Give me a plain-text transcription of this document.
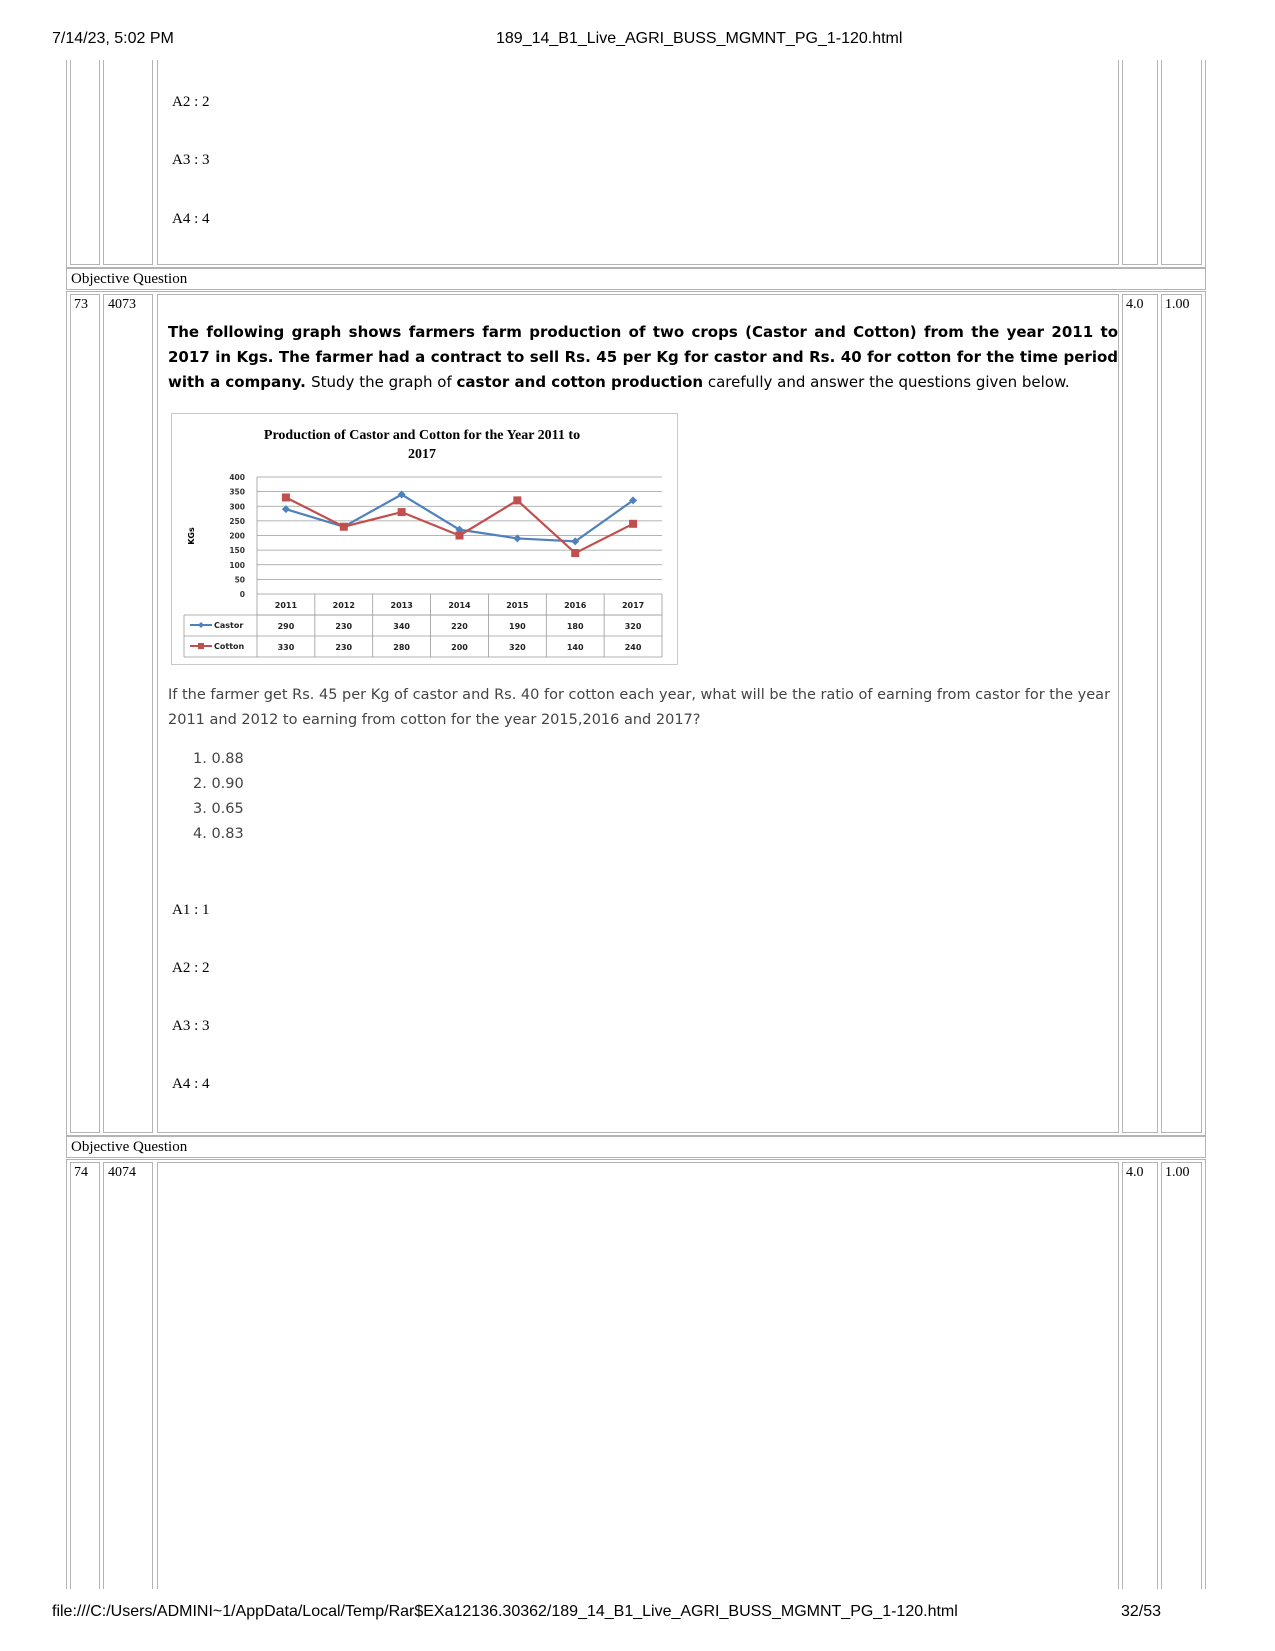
7/14/23, 5:02 PM	189_14_B1_Live_AGRI_BUSS_MGMNT_PG_1-120.html
file:///C:/Users/ADMINI~1/AppData/Local/Temp/Rar$EXa12136.30362/189_14_B1_Live_AGRI_BUSS_MGMNT_PG_1-120.html	32/53
A2 : 2
A3 : 3
A4 : 4
Objective Question
73 4073	4.0 1.00
The following graph shows farmers farm production of two crops (Castor and Cotton) from the year 2011 to 2017 in Kgs. The farmer had a contract to sell Rs. 45 per Kg for castor and Rs. 40 for cotton for the time period with a company. Study the graph of castor and cotton production carefully and answer the questions given below.
Production of Castor and Cotton for the Year 2011 to
2017
KGs
400
350
300
250
200
150
100
50
0
2011	2012	2013	2014	2015	2016	2017
Castor	290	230	340	220	190	180	320
Cotton	330	230	280	200	320	140	240
If the farmer get Rs. 45 per Kg of castor and Rs. 40 for cotton each year, what will be the ratio of earning from castor for the year 2011 and 2012 to earning from cotton for the year 2015,2016 and 2017?
1. 0.88
2. 0.90
3. 0.65
4. 0.83
A1 : 1
A2 : 2
A3 : 3
A4 : 4
Objective Question
74 4074	4.0 1.00
